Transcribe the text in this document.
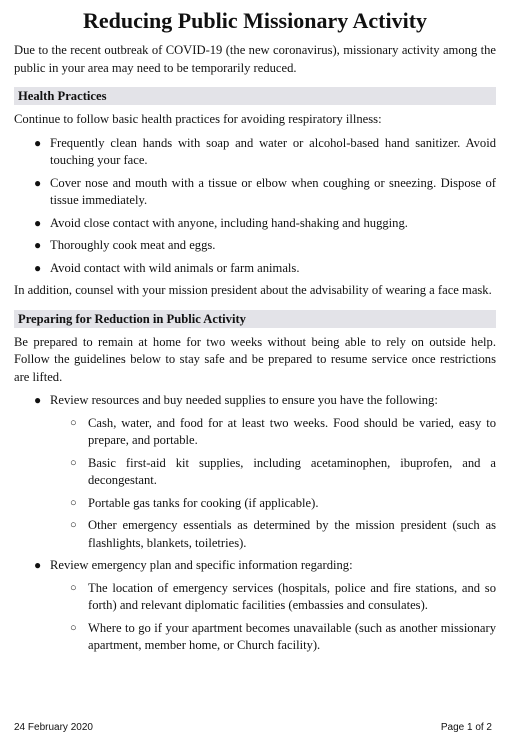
Reducing Public Missionary Activity

Due to the recent outbreak of COVID-19 (the new coronavirus), missionary activity among the public in your area may need to be temporarily reduced.

Health Practices

Continue to follow basic health practices for avoiding respiratory illness:

● Frequently clean hands with soap and water or alcohol-based hand sanitizer. Avoid touching your face.
● Cover nose and mouth with a tissue or elbow when coughing or sneezing. Dispose of tissue immediately.
● Avoid close contact with anyone, including hand-shaking and hugging.
● Thoroughly cook meat and eggs.
● Avoid contact with wild animals or farm animals.

In addition, counsel with your mission president about the advisability of wearing a face mask.

Preparing for Reduction in Public Activity

Be prepared to remain at home for two weeks without being able to rely on outside help. Follow the guidelines below to stay safe and be prepared to resume service once restrictions are lifted.

● Review resources and buy needed supplies to ensure you have the following:
○ Cash, water, and food for at least two weeks. Food should be varied, easy to prepare, and portable.
○ Basic first-aid kit supplies, including acetaminophen, ibuprofen, and a decongestant.
○ Portable gas tanks for cooking (if applicable).
○ Other emergency essentials as determined by the mission president (such as flashlights, blankets, toiletries).
● Review emergency plan and specific information regarding:
○ The location of emergency services (hospitals, police and fire stations, and so forth) and relevant diplomatic facilities (embassies and consulates).
○ Where to go if your apartment becomes unavailable (such as another missionary apartment, member home, or Church facility).
24 February 2020	Page 1 of 2
